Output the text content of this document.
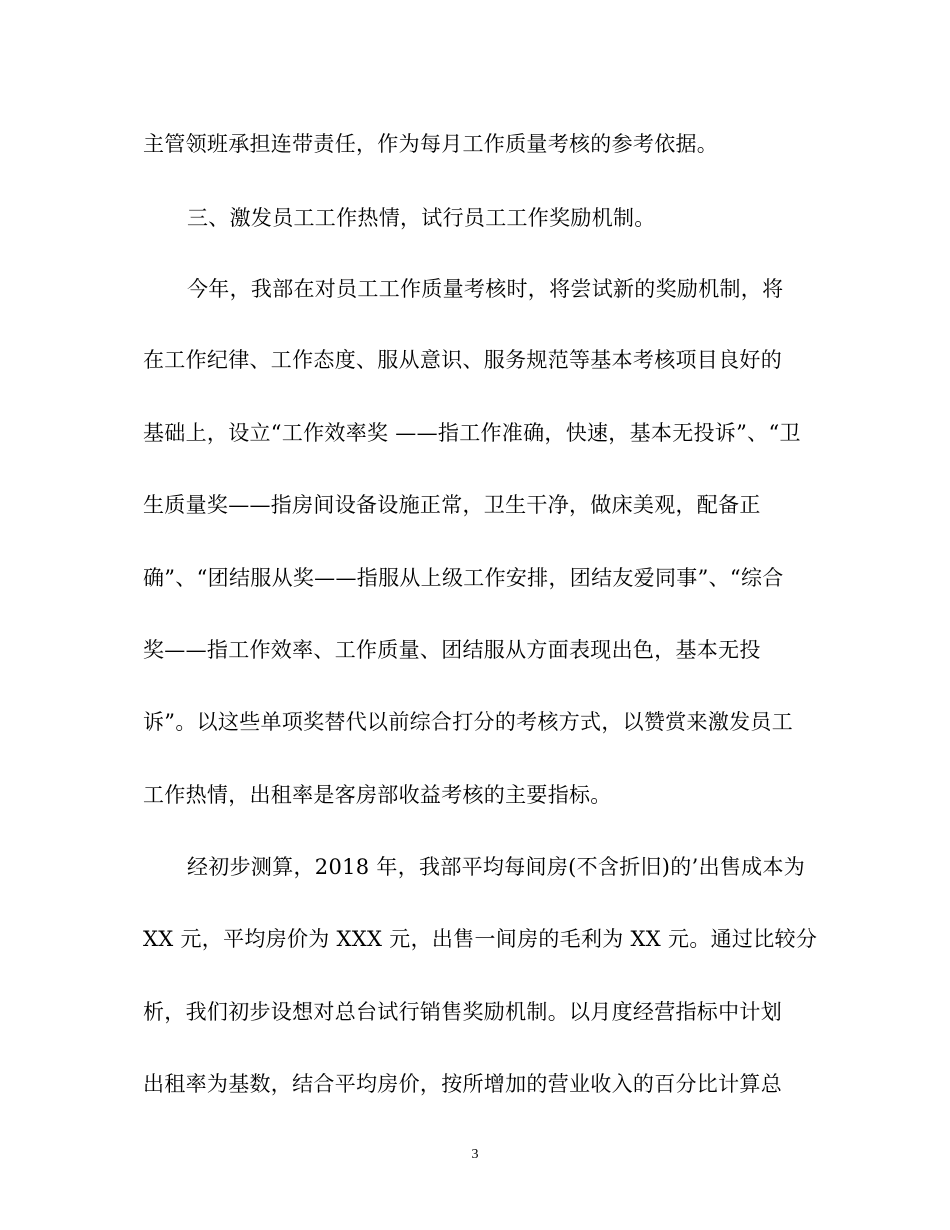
主管领班承担连带责任，作为每月工作质量考核的参考依据。
三、激发员工工作热情，试行员工工作奖励机制。
今年，我部在对员工工作质量考核时，将尝试新的奖励机制，将
在工作纪律、工作态度、服从意识、服务规范等基本考核项目良好的
基础上，设立“工作效率奖 ——指工作准确，快速，基本无投诉”、“卫
生质量奖——指房间设备设施正常，卫生干净，做床美观，配备正
确”、“团结服从奖——指服从上级工作安排，团结友爱同事”、“综合
奖——指工作效率、工作质量、团结服从方面表现出色，基本无投
诉”。以这些单项奖替代以前综合打分的考核方式，以赞赏来激发员工
工作热情，出租率是客房部收益考核的主要指标。
经初步测算，2018 年，我部平均每间房(不含折旧)的’出售成本为
XX 元，平均房价为 XXX 元，出售一间房的毛利为 XX 元。通过比较分
析，我们初步设想对总台试行销售奖励机制。以月度经营指标中计划
出租率为基数，结合平均房价，按所增加的营业收入的百分比计算总
3
